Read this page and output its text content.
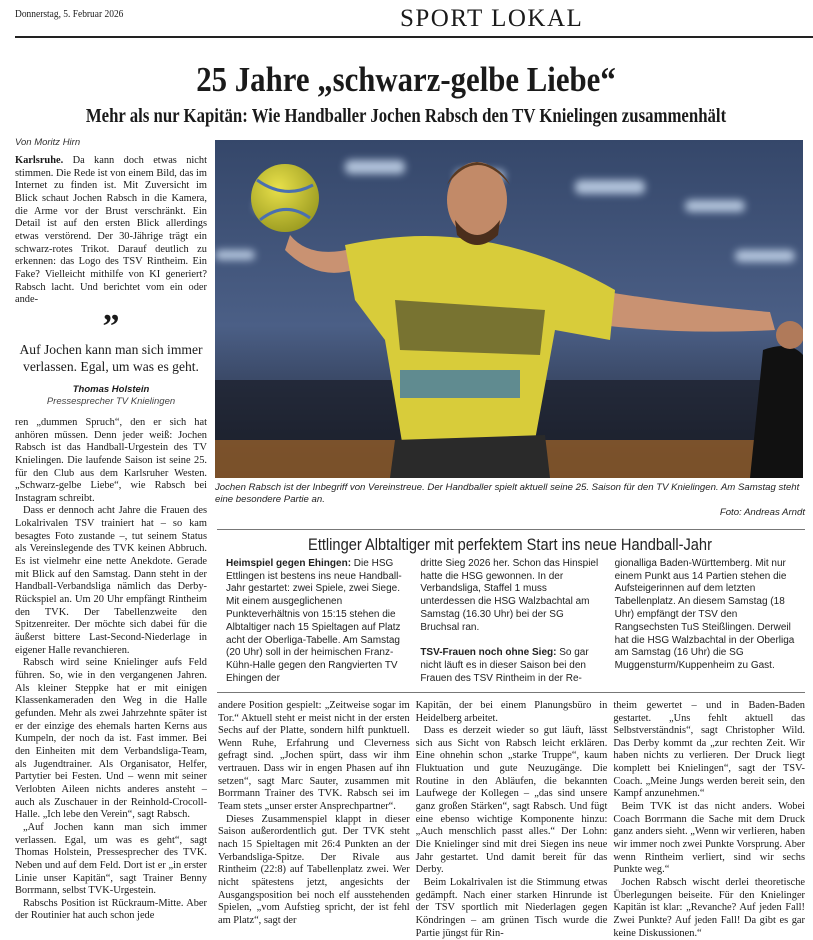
Donnerstag, 5. Februar 2026	SPORT LOKAL
25 Jahre „schwarz-gelbe Liebe“
Mehr als nur Kapitän: Wie Handballer Jochen Rabsch den TV Knielingen zusammenhält
Von Moritz Hirn

Karlsruhe. Da kann doch etwas nicht stimmen. Die Rede ist von einem Bild, das im Internet zu finden ist. Mit Zuversicht im Blick schaut Jochen Rabsch in die Kamera, die Arme vor der Brust verschränkt. Ein Detail ist auf den ersten Blick allerdings etwas verstörend. Der 30-Jährige trägt ein schwarz-rotes Trikot. Darauf deutlich zu erkennen: das Logo des TSV Rintheim. Ein Fake? Vielleicht mithilfe von KI generiert? Rabsch lacht. Und berichtet vom ein oder ande-

”
Auf Jochen kann man sich immer verlassen. Egal, um was es geht.
Thomas Holstein
Pressesprecher TV Knielingen

ren „dummen Spruch“, den er sich hat anhören müssen. Denn jeder weiß: Jochen Rabsch ist das Handball-Urgestein des TV Knielingen. Die laufende Saison ist seine 25. für den Club aus dem Karlsruher Westen. „Schwarz-gelbe Liebe“, wie Rabsch bei Instagram schreibt.

Dass er dennoch acht Jahre die Frauen des Lokalrivalen TSV trainiert hat – so kam besagtes Foto zustande –, tut seinem Status als Vereinslegende des TVK keinen Abbruch. Es ist vielmehr eine nette Anekdote. Gerade mit Blick auf den Samstag. Dann steht in der Handball-Verbandsliga nämlich das Derby-Rückspiel an. Um 20 Uhr empfängt Rintheim den TVK. Der Tabellenzweite den Spitzenreiter. Der möchte sich dabei für die äußerst bittere Last-Second-Niederlage in eigener Halle revanchieren.

Rabsch wird seine Knielinger aufs Feld führen. So, wie in den vergangenen Jahren. Als kleiner Steppke hat er mit einigen Klassenkameraden den Weg in die Halle gefunden. Mehr als zwei Jahrzehnte später ist er der einzige des ehemals harten Kerns aus Kumpeln, der noch da ist. Fast immer. Bei den Einheiten mit dem Verbandsliga-Team, als Jugendtrainer. Als Organisator, Helfer, Partytier bei Festen. Und – wenn mit seiner Verlobten Aileen nichts anderes ansteht – auch als Zuschauer in der Reinhold-Crocoll-Halle. „Ich lebe den Verein“, sagt Rabsch.

„Auf Jochen kann man sich immer verlassen. Egal, um was es geht“, sagt Thomas Holstein, Pressesprecher des TVK. Neben und auf dem Feld. Dort ist er „in erster Linie unser Kapitän“, sagt Trainer Benny Borrmann, selbst TVK-Urgestein.

Rabschs Position ist Rückraum-Mitte. Aber der Routinier hat auch schon jede

Jochen Rabsch ist der Inbegriff von Vereinstreue. Der Handballer spielt aktuell seine 25. Saison für den TV Knielingen. Am Samstag steht eine besondere Partie an.
Foto: Andreas Arndt
Ettlinger Albtaltiger mit perfektem Start ins neue Handball-Jahr
Heimspiel gegen Ehingen: Die HSG Ettlingen ist bestens ins neue Handball-Jahr gestartet: zwei Spiele, zwei Siege. Mit einem ausgeglichenen Punkteverhältnis von 15:15 stehen die Albtaltiger nach 15 Spieltagen auf Platz acht der Oberliga-Tabelle. Am Samstag (20 Uhr) soll in der heimischen Franz-Kühn-Halle gegen den Rangvierten TV Ehingen der
dritte Sieg 2026 her. Schon das Hinspiel hatte die HSG gewonnen. In der Verbandsliga, Staffel 1 muss unterdessen die HSG Walzbachtal am Samstag (16.30 Uhr) bei der SG Bruchsal ran.
TSV-Frauen noch ohne Sieg: So gar nicht läuft es in dieser Saison bei den Frauen des TSV Rintheim in der Re-
gionalliga Baden-Württemberg. Mit nur einem Punkt aus 14 Partien stehen die Aufsteigerinnen auf dem letzten Tabellenplatz. An diesem Samstag (18 Uhr) empfängt der TSV den Rangsechsten TuS Steißlingen. Derweil hat die HSG Walzbachtal in der Oberliga am Samstag (16 Uhr) die SG Muggensturm/Kuppenheim zu Gast.

andere Position gespielt: „Zeitweise sogar im Tor.“ Aktuell steht er meist nicht in der ersten Sechs auf der Platte, sondern hilft punktuell. Wenn Ruhe, Erfahrung und Cleverness gefragt sind. „Jochen spürt, dass wir ihm vertrauen. Dass wir in engen Phasen auf ihn setzen“, sagt Marc Sauter, zusammen mit Borrmann Trainer des TVK. Rabsch sei im Team stets „unser erster Ansprechpartner“.

Dieses Zusammenspiel klappt in dieser Saison außerordentlich gut. Der TVK steht nach 15 Spieltagen mit 26:4 Punkten an der Verbandsliga-Spitze. Der Rivale aus Rintheim (22:8) auf Tabellenplatz zwei. Wer nicht spätestens jetzt, angesichts der Ausgangsposition bei noch elf ausstehenden Spielen, „vom Aufstieg spricht, der ist fehl am Platz“, sagt der

Kapitän, der bei einem Planungsbüro in Heidelberg arbeitet.

Dass es derzeit wieder so gut läuft, lässt sich aus Sicht von Rabsch leicht erklären. Eine ohnehin schon „starke Truppe“, kaum Fluktuation und gute Neuzugänge. Die Routine in den Abläufen, die bekannten Laufwege der Kollegen – „das sind unsere ganz großen Stärken“, sagt Rabsch. Und fügt eine ebenso wichtige Komponente hinzu: „Auch menschlich passt alles.“ Der Lohn: Die Knielinger sind mit drei Siegen ins neue Jahr gestartet. Und damit bereit für das Derby.

Beim Lokalrivalen ist die Stimmung etwas gedämpft. Nach einer starken Hinrunde ist der TSV sportlich mit Niederlagen gegen Köndringen – am grünen Tisch wurde die Partie jüngst für Rin-

theim gewertet – und in Baden-Baden gestartet. „Uns fehlt aktuell das Selbstverständnis“, sagt Christopher Wild. Das Derby kommt da „zur rechten Zeit. Wir haben nichts zu verlieren. Der Druck liegt komplett bei Knielingen“, sagt der TSV-Coach. „Meine Jungs werden bereit sein, den Kampf anzunehmen.“

Beim TVK ist das nicht anders. Wobei Coach Borrmann die Sache mit dem Druck ganz anders sieht. „Wenn wir verlieren, haben wir immer noch zwei Punkte Vorsprung. Aber wenn Rintheim verliert, sind wir sechs Punkte weg.“

Jochen Rabsch wischt derlei theoretische Überlegungen beiseite. Für den Knielinger Kapitän ist klar: „Revanche? Auf jeden Fall! Zwei Punkte? Auf jeden Fall! Da gibt es gar keine Diskussionen.“
